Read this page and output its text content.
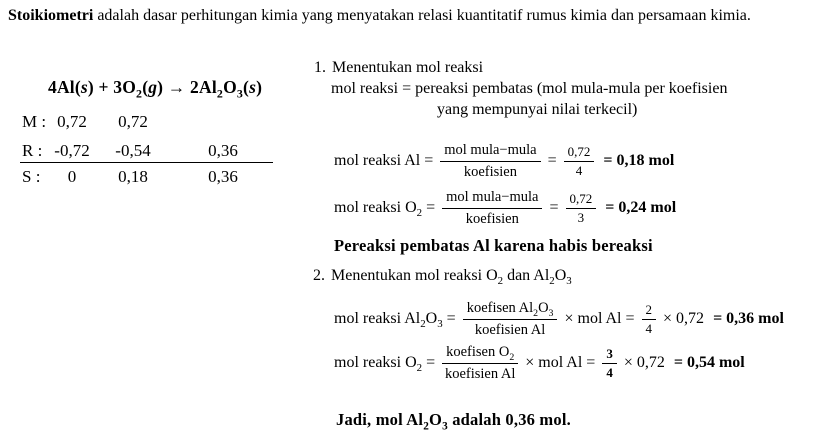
Stoikiometri adalah dasar perhitungan kimia yang menyatakan relasi kuantitatif rumus kimia dan persamaan kimia.
$4Al(s) + 3O_2(g) \to 2Al_2O_3(s)$
M : 0,72	0,72
R : -0,72	-0,54	0,36
S :	0	0,18	0,36
1. Menentukan mol reaksi
mol reaksi = pereaksi pembatas (mol mula-mula per koefisien
yang mempunyai nilai terkecil)
mol reaksi $Al = \frac{\text{mol mula−mula}}{\text{koefisien}} = \frac{0,72}{4} = 0,18$ mol
mol reaksi $O_2 = \frac{\text{mol mula−mula}}{\text{koefisien}} = \frac{0,72}{3} = 0,24$ mol
Pereaksi pembatas Al karena habis bereaksi
2. Menentukan mol reaksi $O_2$ dan $Al_2O_3$
mol reaksi $Al_2O_3 = \frac{koefisen Al_2O_3}{\text{koefisien Al}}$ × mol $Al = \frac{2}{4} \times 0,72 = 0,36$ mol
mol reaksi $O_2 = \frac{koefisen O_2}{\text{koefisien Al}}$ × mol $Al = \frac{3}{4} \times 0,72 = 0,54$ mol
Jadi, mol $Al_2O_3$ adalah 0,36 mol.
